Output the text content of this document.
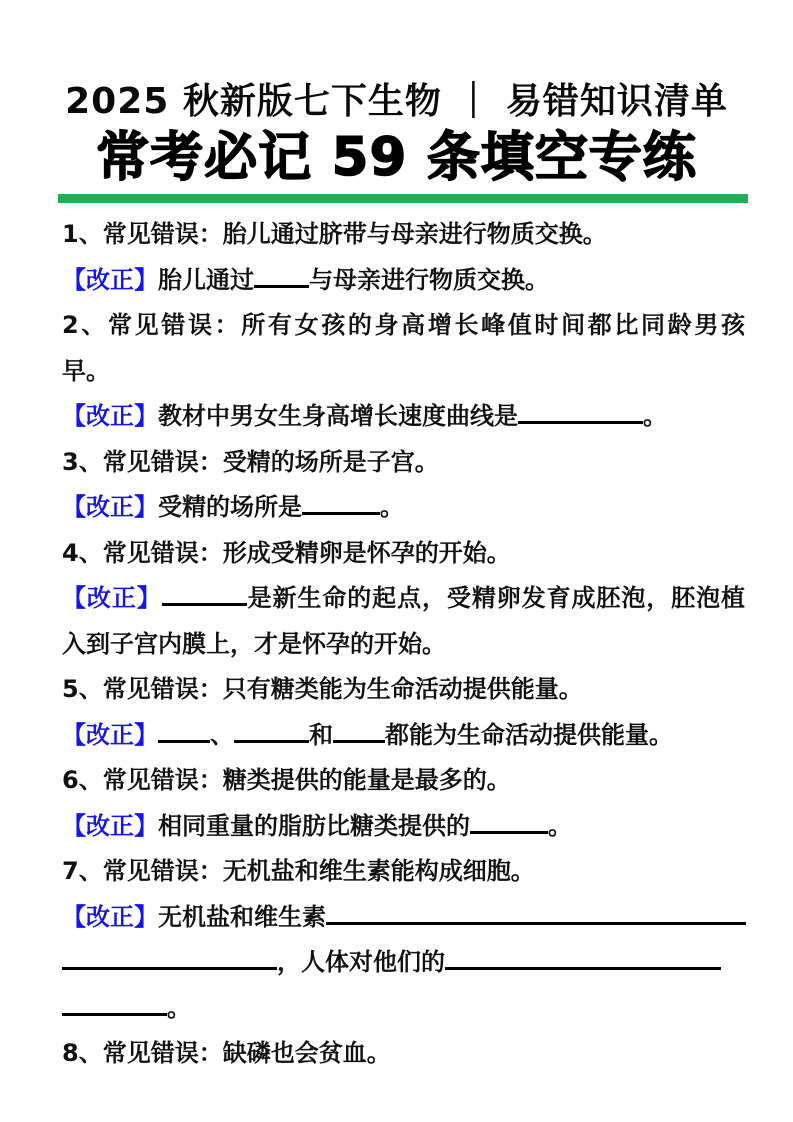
2025 秋新版七下生物 ｜ 易错知识清单
常考必记 59 条填空专练
1、常见错误：胎儿通过脐带与母亲进行物质交换。
【改正】胎儿通过 与母亲进行物质交换。
2、常见错误：所有女孩的身高增长峰值时间都比同龄男孩
早。
【改正】教材中男女生身高增长速度曲线是	。
3、常见错误：受精的场所是子宫。
【改正】受精的场所是	。
4、常见错误：形成受精卵是怀孕的开始。
【改正】	是新生命的起点，受精卵发育成胚泡，胚泡植
入到子宫内膜上，才是怀孕的开始。
5、常见错误：只有糖类能为生命活动提供能量。
【改正】 、	和 都能为生命活动提供能量。
6、常见错误：糖类提供的能量是最多的。
【改正】相同重量的脂肪比糖类提供的	。
7、常见错误：无机盐和维生素能构成细胞。
【改正】无机盐和维生素
，人体对他们的
。
8、常见错误：缺磷也会贫血。
